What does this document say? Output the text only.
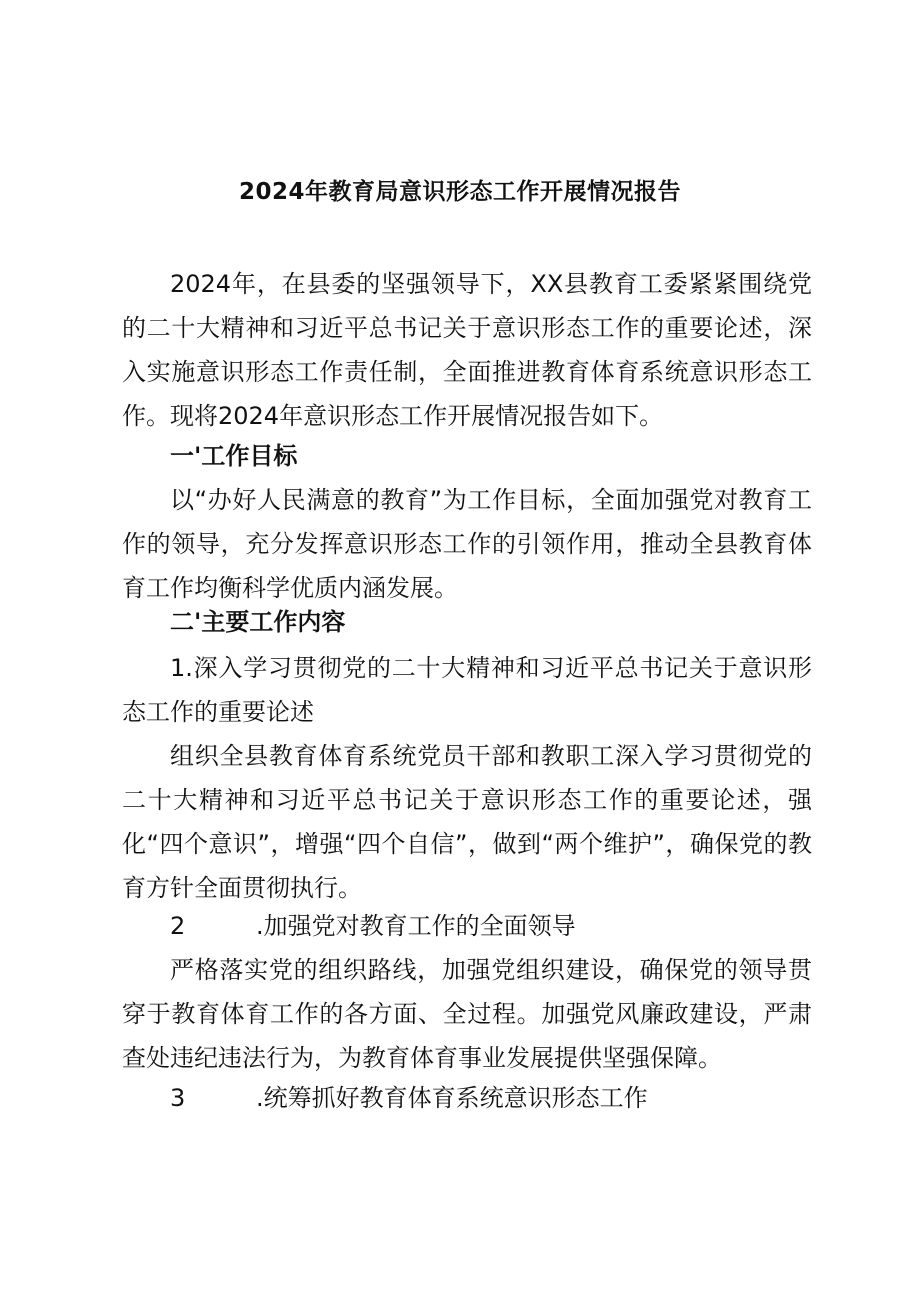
2024年教育局意识形态工作开展情况报告

2024年，在县委的坚强领导下，XX县教育工委紧紧围绕党的二十大精神和习近平总书记关于意识形态工作的重要论述，深入实施意识形态工作责任制，全面推进教育体育系统意识形态工作。现将2024年意识形态工作开展情况报告如下。

一'工作目标

以“办好人民满意的教育”为工作目标，全面加强党对教育工作的领导，充分发挥意识形态工作的引领作用，推动全县教育体育工作均衡科学优质内涵发展。

二'主要工作内容

1.深入学习贯彻党的二十大精神和习近平总书记关于意识形态工作的重要论述

组织全县教育体育系统党员干部和教职工深入学习贯彻党的二十大精神和习近平总书记关于意识形态工作的重要论述，强化“四个意识”，增强“四个自信”，做到“两个维护”，确保党的教育方针全面贯彻执行。

2	.加强党对教育工作的全面领导

严格落实党的组织路线，加强党组织建设，确保党的领导贯穿于教育体育工作的各方面、全过程。加强党风廉政建设，严肃查处违纪违法行为，为教育体育事业发展提供坚强保障。

3	.统筹抓好教育体育系统意识形态工作
